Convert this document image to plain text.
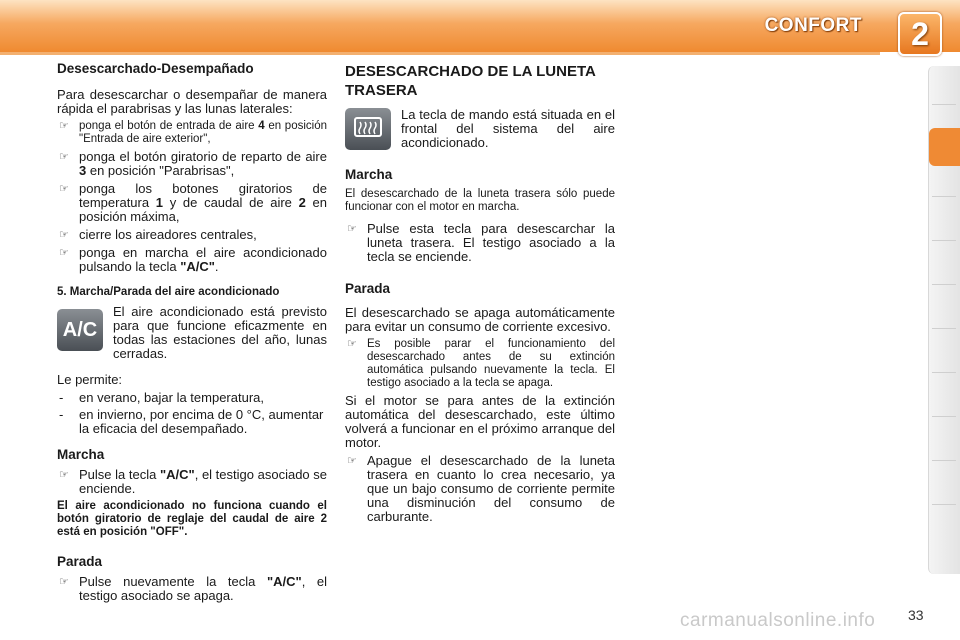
CONFORT	2
Desescarchado-Desempañado

Para desescarchar o desempañar de manera rápida el parabrisas y las lunas laterales:

☞ ponga el botón de entrada de aire 4 en posición "Entrada de aire exterior",
☞ ponga el botón giratorio de reparto de aire 3 en posición "Parabrisas",
☞ ponga los botones giratorios de temperatura 1 y de caudal de aire 2 en posición máxima,
☞ cierre los aireadores centrales,
☞ ponga en marcha el aire acondicionado pulsando la tecla "A/C".
5. Marcha/Parada del aire acondicionado
A/C

El aire acondicionado está previsto para que funcione eficazmente en todas las estaciones del año, lunas cerradas.

Le permite:

- en verano, bajar la temperatura,
- en invierno, por encima de 0 °C, aumentar la eficacia del desempañado.
Marcha
☞ Pulse la tecla "A/C", el testigo asociado se enciende.

El aire acondicionado no funciona cuando el botón giratorio de reglaje del caudal de aire 2 está en posición "OFF".

Parada
☞ Pulse nuevamente la tecla "A/C", el testigo asociado se apaga.
DESESCARCHADO DE LA LUNETA TRASERA

La tecla de mando está situada en el frontal del sistema del aire acondicionado.

Marcha

El desescarchado de la luneta trasera sólo puede funcionar con el motor en marcha.

☞ Pulse esta tecla para desescarchar la luneta trasera. El testigo asociado a la tecla se enciende.
Parada

El desescarchado se apaga automáticamente para evitar un consumo de corriente excesivo.

☞ Es posible parar el funcionamiento del desescarchado antes de su extinción automática pulsando nuevamente la tecla. El testigo asociado a la tecla se apaga.

Si el motor se para antes de la extinción automática del desescarchado, este último volverá a funcionar en el próximo arranque del motor.

☞ Apague el desescarchado de la luneta trasera en cuanto lo crea necesario, ya que un bajo consumo de corriente permite una disminución del consumo de carburante.
carmanualsonline.info 33
